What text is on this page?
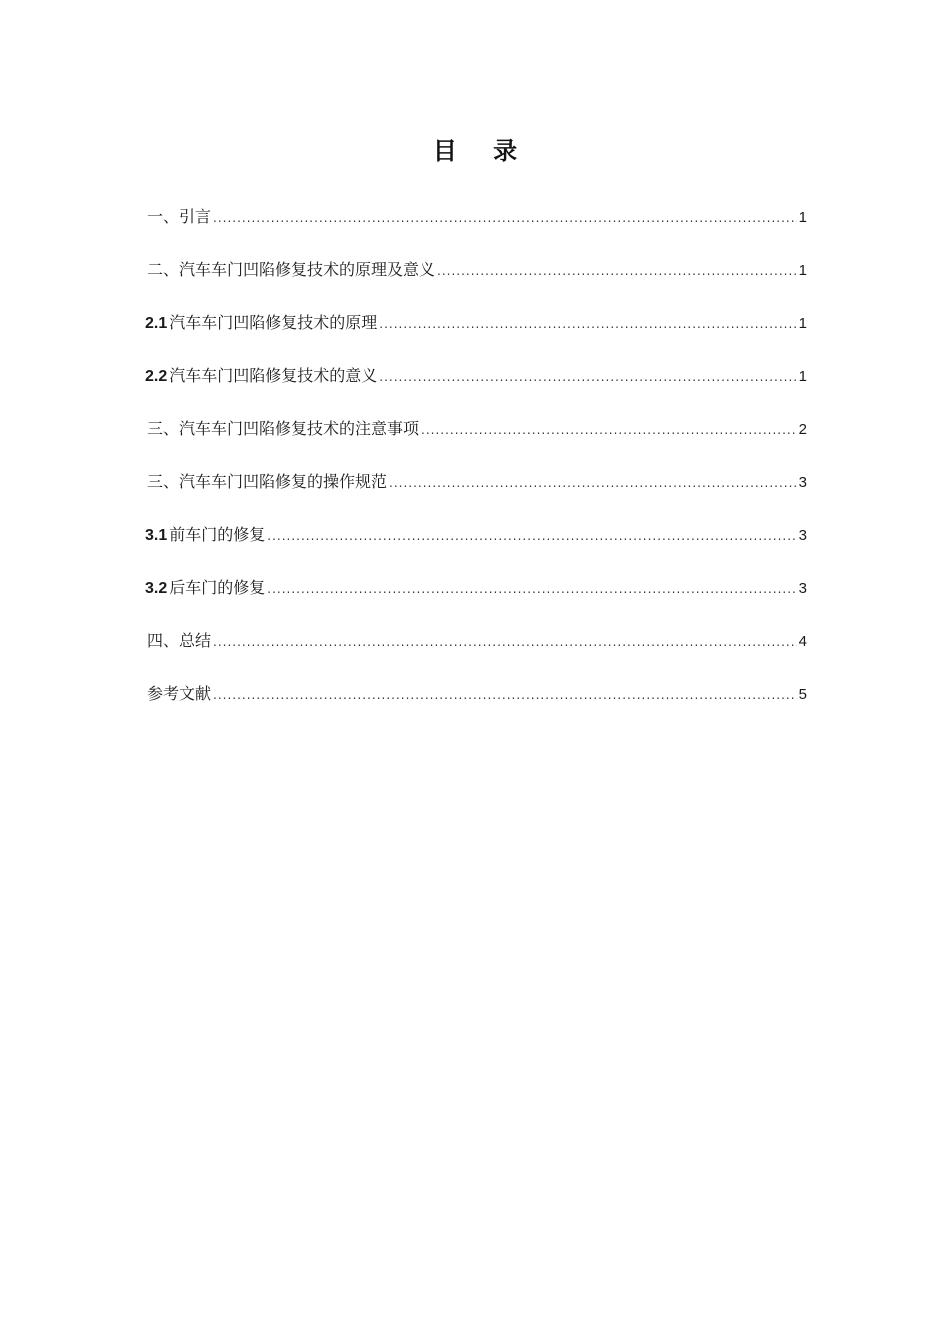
目 录
一、引言 .....	1
二、汽车车门凹陷修复技术的原理及意义 .....	1
2.1 汽车车门凹陷修复技术的原理 .....	1
2.2 汽车车门凹陷修复技术的意义 .....	1
三、汽车车门凹陷修复技术的注意事项 .....	2
三、汽车车门凹陷修复的操作规范 .....	3
3.1 前车门的修复 .....	3
3.2 后车门的修复 .....	3
四、总结 .....	4
参考文献 .....	5
